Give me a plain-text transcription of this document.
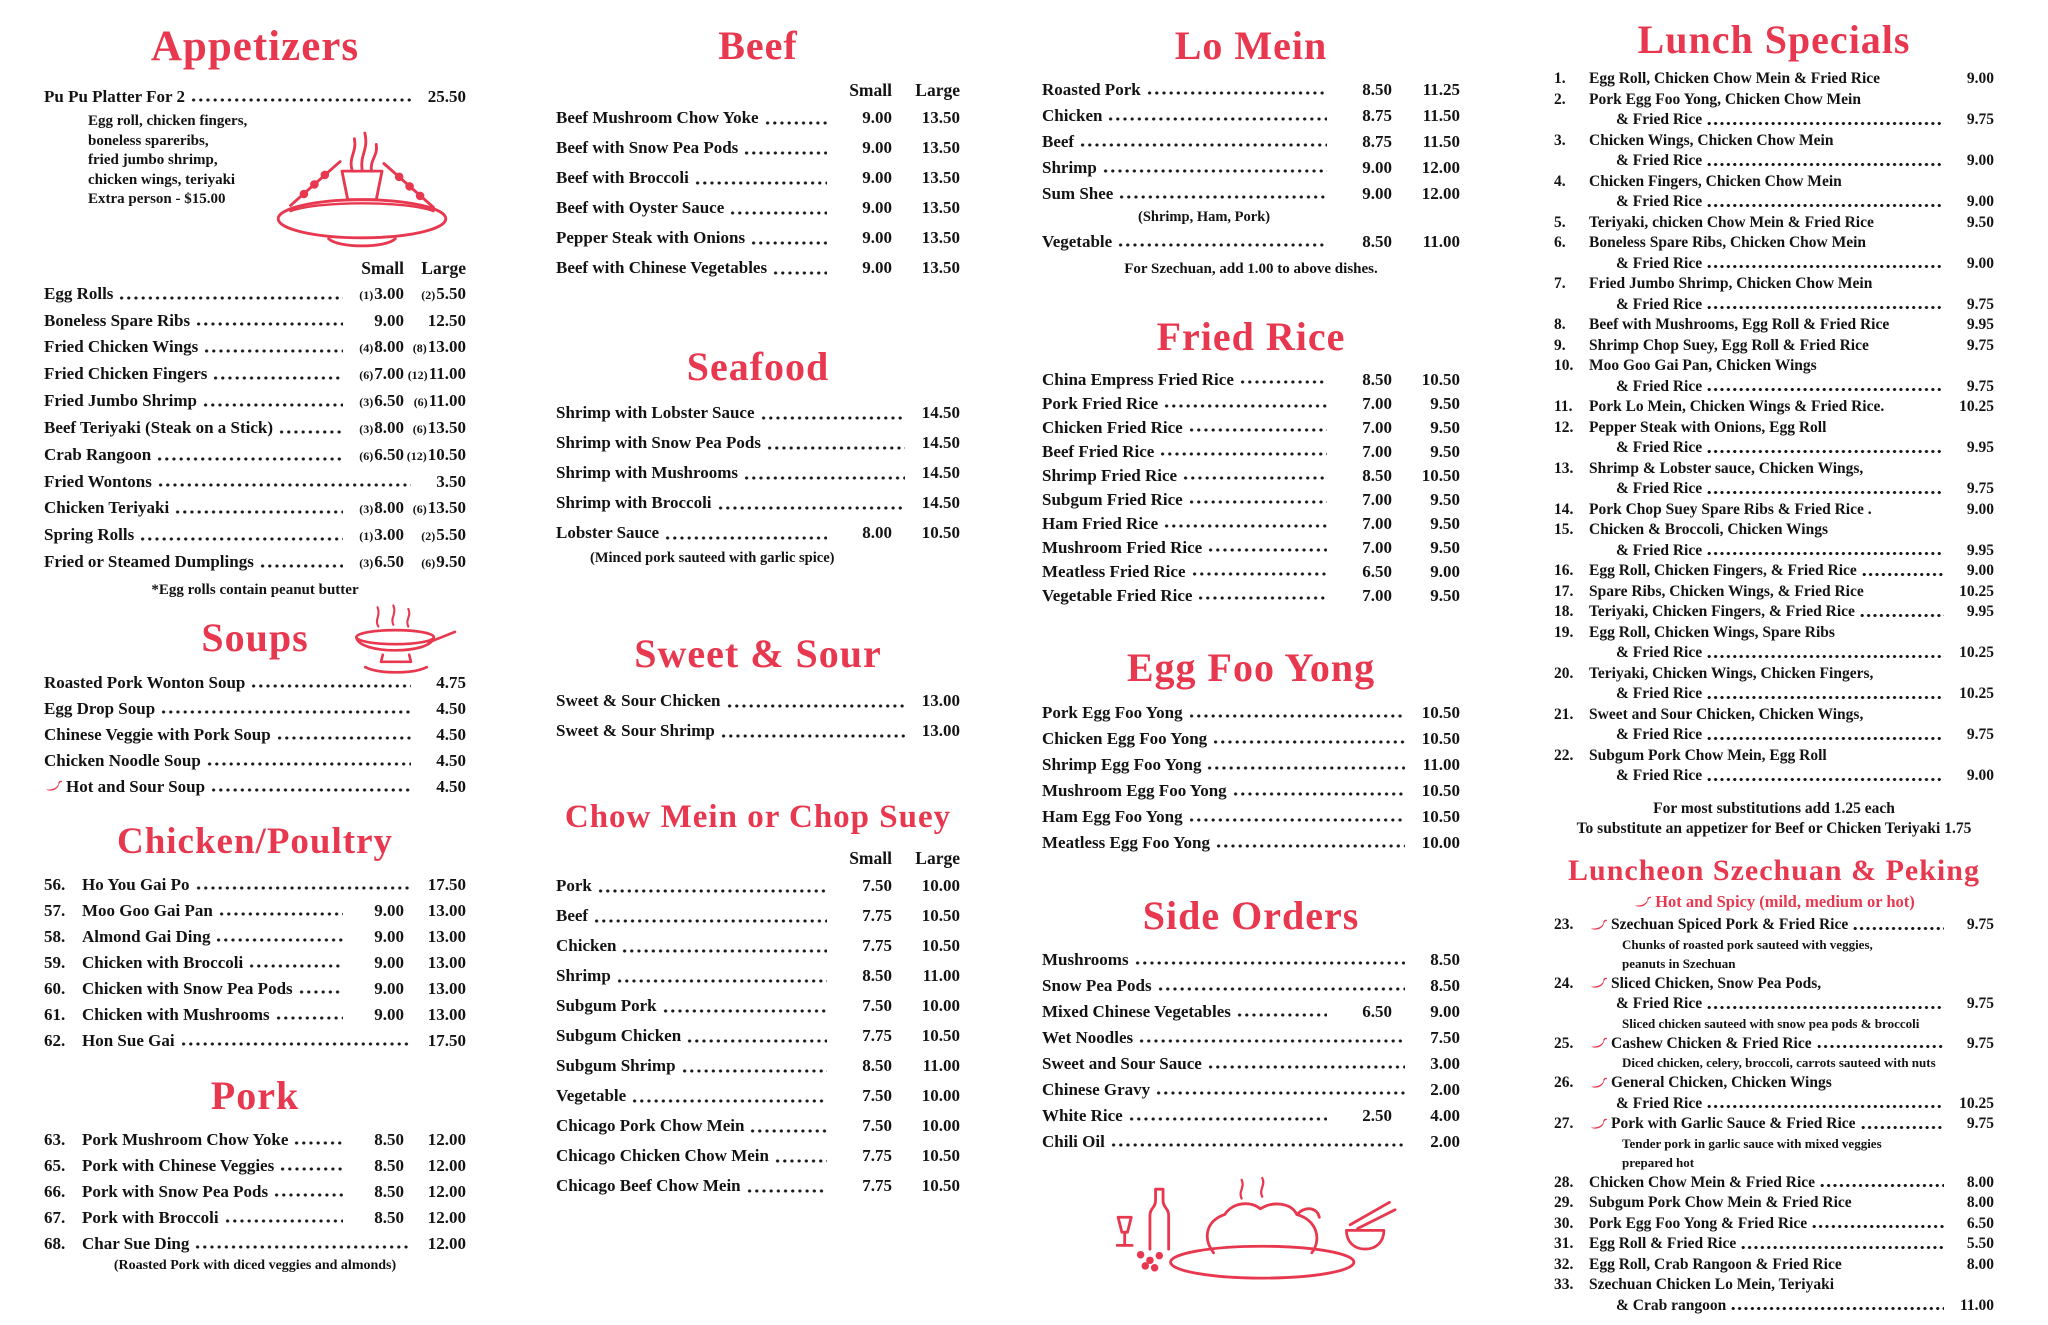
Appetizers
Pu Pu Platter For 2	25.50
Egg roll, chicken fingers,
boneless spareribs,
fried jumbo shrimp,
chicken wings, teriyaki
Extra person - $15.00
Small Large
Egg Rolls	(1)3.00	(2)5.50
Boneless Spare Ribs	9.00	12.50
Fried Chicken Wings	(4)8.00 (8)13.00
Fried Chicken Fingers	(6)7.00 (12)11.00
Fried Jumbo Shrimp	(3)6.50 (6)11.00
Beef Teriyaki (Steak on a Stick)	(3)8.00 (6)13.50
Crab Rangoon	(6)6.50 (12)10.50
Fried Wontons	3.50
Chicken Teriyaki	(3)8.00 (6)13.50
Spring Rolls	(1)3.00	(2)5.50
Fried or Steamed Dumplings	(3)6.50	(6)9.50
*Egg rolls contain peanut butter
Soups
Roasted Pork Wonton Soup	4.75
Egg Drop Soup	4.50
Chinese Veggie with Pork Soup	4.50
Chicken Noodle Soup	4.50
Hot and Sour Soup	4.50
Chicken/Poultry
56. Ho You Gai Po	17.50
57. Moo Goo Gai Pan	9.00	13.00
58. Almond Gai Ding	9.00	13.00
59. Chicken with Broccoli	9.00	13.00
60. Chicken with Snow Pea Pods	9.00	13.00
61. Chicken with Mushrooms	9.00	13.00
62. Hon Sue Gai	17.50
Pork
63. Pork Mushroom Chow Yoke	8.50	12.00
65. Pork with Chinese Veggies	8.50	12.00
66. Pork with Snow Pea Pods	8.50	12.00
67. Pork with Broccoli	8.50	12.00
68. Char Sue Ding	12.00
(Roasted Pork with diced veggies and almonds)
Beef
Small	Large
Beef Mushroom Chow Yoke	9.00	13.50
Beef with Snow Pea Pods	9.00	13.50
Beef with Broccoli	9.00	13.50
Beef with Oyster Sauce	9.00	13.50
Pepper Steak with Onions	9.00	13.50
Beef with Chinese Vegetables	9.00	13.50
Seafood
Shrimp with Lobster Sauce	14.50
Shrimp with Snow Pea Pods	14.50
Shrimp with Mushrooms	14.50
Shrimp with Broccoli	14.50
Lobster Sauce	8.00	10.50
(Minced pork sauteed with garlic spice)
Sweet & Sour
Sweet & Sour Chicken	13.00
Sweet & Sour Shrimp	13.00
Chow Mein or Chop Suey
Small	Large
Pork	7.50	10.00
Beef	7.75	10.50
Chicken	7.75	10.50
Shrimp	8.50	11.00
Subgum Pork	7.50	10.00
Subgum Chicken	7.75	10.50
Subgum Shrimp	8.50	11.00
Vegetable	7.50	10.00
Chicago Pork Chow Mein	7.50	10.00
Chicago Chicken Chow Mein	7.75	10.50
Chicago Beef Chow Mein	7.75	10.50
Lo Mein
Roasted Pork	8.50	11.25
Chicken	8.75	11.50
Beef	8.75	11.50
Shrimp	9.00	12.00
Sum Shee	9.00	12.00
(Shrimp, Ham, Pork)
Vegetable	8.50	11.00
For Szechuan, add 1.00 to above dishes.
Fried Rice
China Empress Fried Rice	8.50	10.50
Pork Fried Rice	7.00	9.50
Chicken Fried Rice	7.00	9.50
Beef Fried Rice	7.00	9.50
Shrimp Fried Rice	8.50	10.50
Subgum Fried Rice	7.00	9.50
Ham Fried Rice	7.00	9.50
Mushroom Fried Rice	7.00	9.50
Meatless Fried Rice	6.50	9.00
Vegetable Fried Rice	7.00	9.50
Egg Foo Yong
Pork Egg Foo Yong	10.50
Chicken Egg Foo Yong	10.50
Shrimp Egg Foo Yong	11.00
Mushroom Egg Foo Yong	10.50
Ham Egg Foo Yong	10.50
Meatless Egg Foo Yong	10.00
Side Orders
Mushrooms	8.50
Snow Pea Pods	8.50
Mixed Chinese Vegetables	6.50	9.00
Wet Noodles	7.50
Sweet and Sour Sauce	3.00
Chinese Gravy	2.00
White Rice	2.50	4.00
Chili Oil	2.00
Lunch Specials
1.	Egg Roll, Chicken Chow Mein & Fried Rice	9.00
2.	Pork Egg Foo Yong, Chicken Chow Mein
& Fried Rice	9.75
3.	Chicken Wings, Chicken Chow Mein
& Fried Rice	9.00
4.	Chicken Fingers, Chicken Chow Mein
& Fried Rice	9.00
5.	Teriyaki, chicken Chow Mein & Fried Rice	9.50
6.	Boneless Spare Ribs, Chicken Chow Mein
& Fried Rice	9.00
7.	Fried Jumbo Shrimp, Chicken Chow Mein
& Fried Rice	9.75
8.	Beef with Mushrooms, Egg Roll & Fried Rice	9.95
9.	Shrimp Chop Suey, Egg Roll & Fried Rice	9.75
10.	Moo Goo Gai Pan, Chicken Wings
& Fried Rice	9.75
11.	Pork Lo Mein, Chicken Wings & Fried Rice.	10.25
12.	Pepper Steak with Onions, Egg Roll
& Fried Rice	9.95
13.	Shrimp & Lobster sauce, Chicken Wings,
& Fried Rice	9.75
14.	Pork Chop Suey Spare Ribs & Fried Rice .	9.00
15.	Chicken & Broccoli, Chicken Wings
& Fried Rice	9.95
16.	Egg Roll, Chicken Fingers, & Fried Rice	9.00
17.	Spare Ribs, Chicken Wings, & Fried Rice	10.25
18.	Teriyaki, Chicken Fingers, & Fried Rice	9.95
19.	Egg Roll, Chicken Wings, Spare Ribs
& Fried Rice	10.25
20.	Teriyaki, Chicken Wings, Chicken Fingers,
& Fried Rice	10.25
21.	Sweet and Sour Chicken, Chicken Wings,
& Fried Rice	9.75
22.	Subgum Pork Chow Mein, Egg Roll
& Fried Rice	9.00
For most substitutions add 1.25 each
To substitute an appetizer for Beef or Chicken Teriyaki 1.75
Luncheon Szechuan & Peking
Hot and Spicy (mild, medium or hot)
23.	Szechuan Spiced Pork & Fried Rice	9.75
Chunks of roasted pork sauteed with veggies,
peanuts in Szechuan
24.	Sliced Chicken, Snow Pea Pods,
& Fried Rice	9.75
Sliced chicken sauteed with snow pea pods & broccoli
25.	Cashew Chicken & Fried Rice	9.75
Diced chicken, celery, broccoli, carrots sauteed with nuts
26.	General Chicken, Chicken Wings
& Fried Rice	10.25
27.	Pork with Garlic Sauce & Fried Rice	9.75
Tender pork in garlic sauce with mixed veggies
prepared hot
28.	Chicken Chow Mein & Fried Rice	8.00
29.	Subgum Pork Chow Mein & Fried Rice	8.00
30.	Pork Egg Foo Yong & Fried Rice	6.50
31.	Egg Roll & Fried Rice	5.50
32.	Egg Roll, Crab Rangoon & Fried Rice	8.00
33.	Szechuan Chicken Lo Mein, Teriyaki
& Crab rangoon	11.00
